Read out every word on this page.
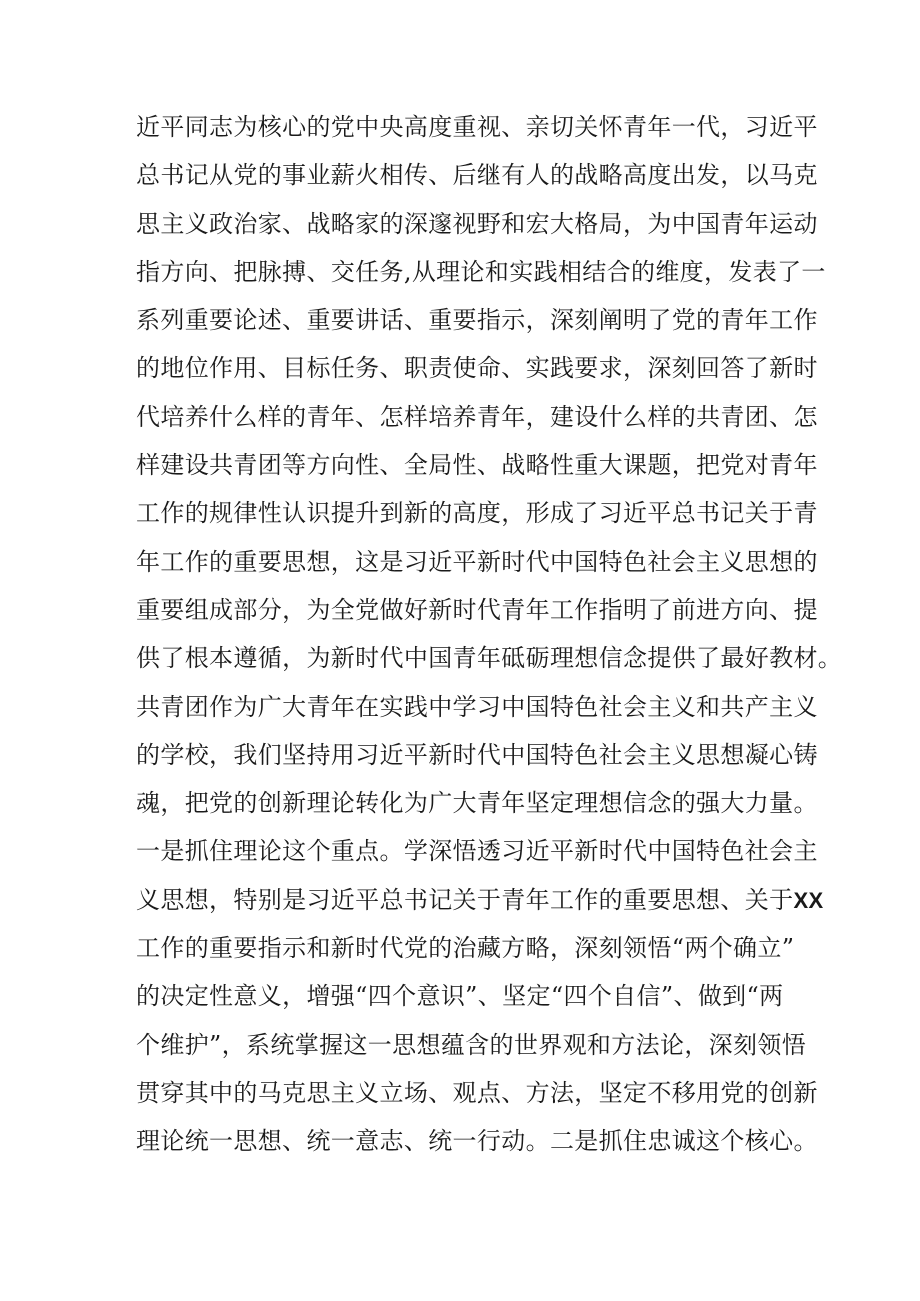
近平同志为核心的党中央高度重视、亲切关怀青年一代，习近平
总书记从党的事业薪火相传、后继有人的战略高度出发，以马克
思主义政治家、战略家的深邃视野和宏大格局，为中国青年运动
指方向、把脉搏、交任务,从理论和实践相结合的维度，发表了一
系列重要论述、重要讲话、重要指示，深刻阐明了党的青年工作
的地位作用、目标任务、职责使命、实践要求，深刻回答了新时
代培养什么样的青年、怎样培养青年，建设什么样的共青团、怎
样建设共青团等方向性、全局性、战略性重大课题，把党对青年
工作的规律性认识提升到新的高度，形成了习近平总书记关于青
年工作的重要思想，这是习近平新时代中国特色社会主义思想的
重要组成部分，为全党做好新时代青年工作指明了前进方向、提
供了根本遵循，为新时代中国青年砥砺理想信念提供了最好教材。
共青团作为广大青年在实践中学习中国特色社会主义和共产主义
的学校，我们坚持用习近平新时代中国特色社会主义思想凝心铸
魂，把党的创新理论转化为广大青年坚定理想信念的强大力量。
一是抓住理论这个重点。学深悟透习近平新时代中国特色社会主
义思想，特别是习近平总书记关于青年工作的重要思想、关于XX
工作的重要指示和新时代党的治藏方略，深刻领悟“两个确立”
的决定性意义，增强“四个意识”、坚定“四个自信”、做到“两
个维护”，系统掌握这一思想蕴含的世界观和方法论，深刻领悟
贯穿其中的马克思主义立场、观点、方法，坚定不移用党的创新
理论统一思想、统一意志、统一行动。二是抓住忠诚这个核心。
